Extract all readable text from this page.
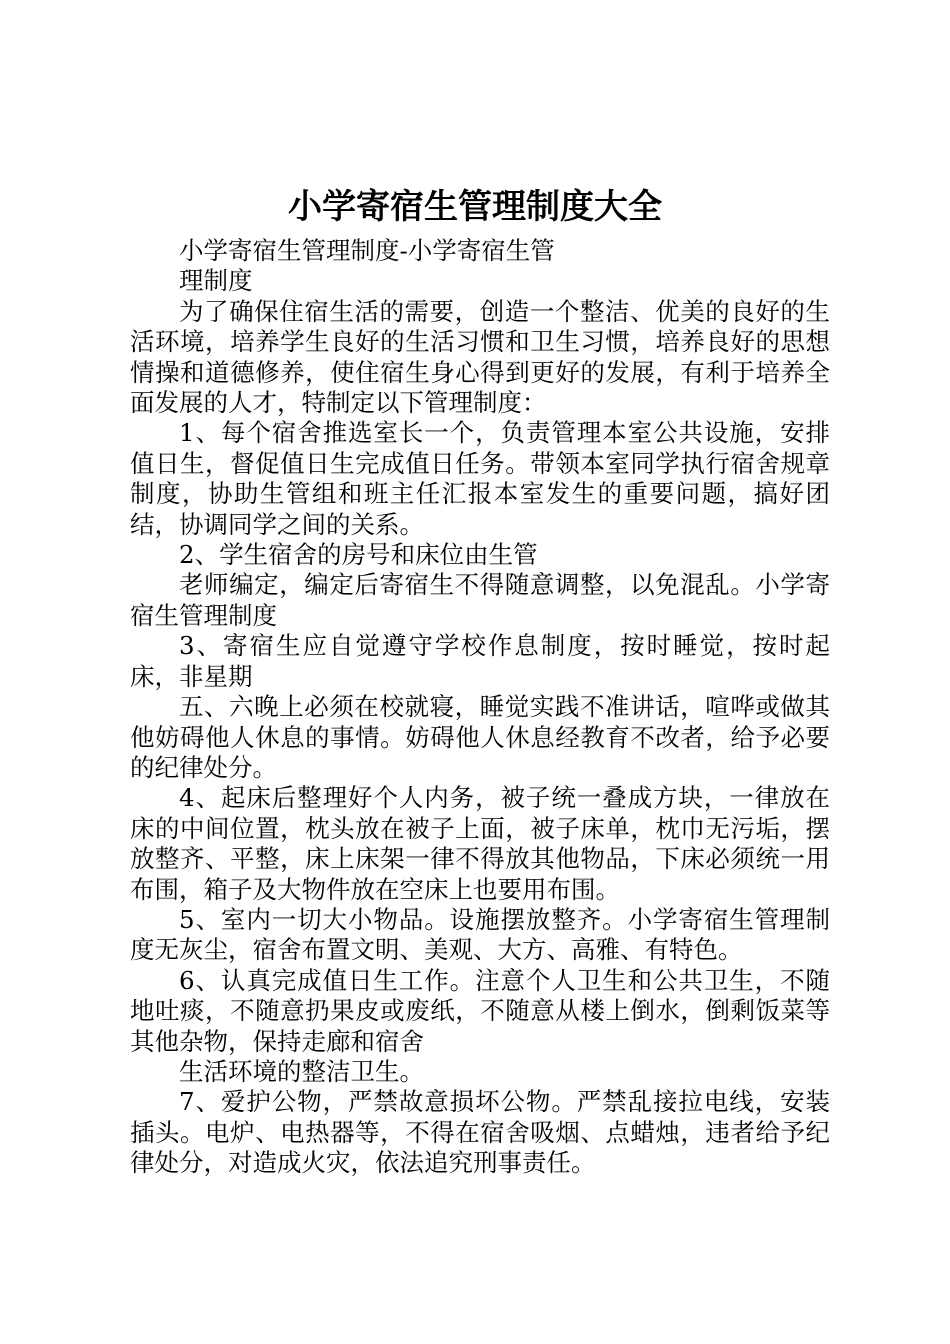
小学寄宿生管理制度大全

小学寄宿生管理制度-小学寄宿生管

理制度

为了确保住宿生活的需要，创造一个整洁、优美的良好的生活环境，培养学生良好的生活习惯和卫生习惯，培养良好的思想情操和道德修养，使住宿生身心得到更好的发展，有利于培养全面发展的人才，特制定以下管理制度：

1、每个宿舍推选室长一个，负责管理本室公共设施，安排值日生，督促值日生完成值日任务。带领本室同学执行宿舍规章制度，协助生管组和班主任汇报本室发生的重要问题，搞好团结，协调同学之间的关系。

2、学生宿舍的房号和床位由生管

老师编定，编定后寄宿生不得随意调整，以免混乱。小学寄宿生管理制度

3、寄宿生应自觉遵守学校作息制度，按时睡觉，按时起床，非星期

五、六晚上必须在校就寝，睡觉实践不准讲话，喧哗或做其他妨碍他人休息的事情。妨碍他人休息经教育不改者，给予必要的纪律处分。

4、起床后整理好个人内务，被子统一叠成方块，一律放在床的中间位置，枕头放在被子上面，被子床单，枕巾无污垢，摆放整齐、平整，床上床架一律不得放其他物品，下床必须统一用布围，箱子及大物件放在空床上也要用布围。

5、室内一切大小物品。设施摆放整齐。小学寄宿生管理制度无灰尘，宿舍布置文明、美观、大方、高雅、有特色。

6、认真完成值日生工作。注意个人卫生和公共卫生，不随地吐痰，不随意扔果皮或废纸，不随意从楼上倒水，倒剩饭菜等其他杂物，保持走廊和宿舍

生活环境的整洁卫生。

7、爱护公物，严禁故意损坏公物。严禁乱接拉电线，安装插头。电炉、电热器等，不得在宿舍吸烟、点蜡烛，违者给予纪律处分，对造成火灾，依法追究刑事责任。
